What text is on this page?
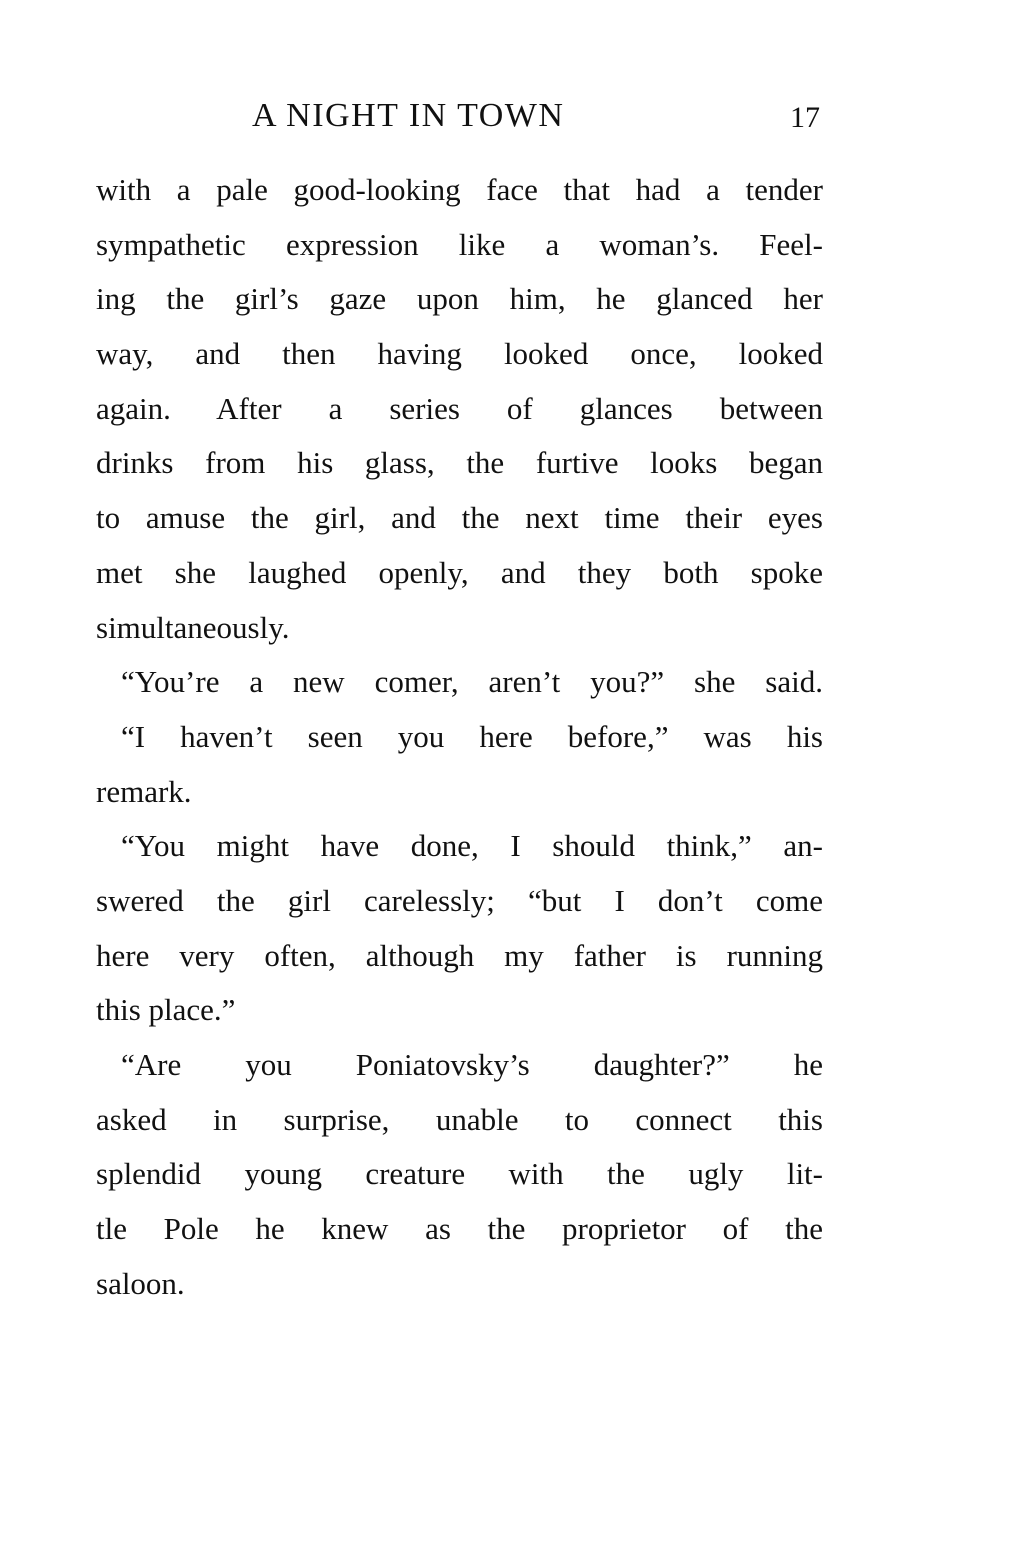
A NIGHT IN TOWN	17
with a pale good-looking face that had a tender
sympathetic expression like a woman’s. Feel-
ing the girl’s gaze upon him, he glanced her
way, and then having looked once, looked
again. After a series of glances between
drinks from his glass, the furtive looks began
to amuse the girl, and the next time their eyes
met she laughed openly, and they both spoke
simultaneously.
“You’re a new comer, aren’t you?” she said.
“I haven’t seen you here before,” was his
remark.
“You might have done, I should think,” an-
swered the girl carelessly; “but I don’t come
here very often, although my father is running
this place.”
“Are you Poniatovsky’s daughter?” he
asked in surprise, unable to connect this
splendid young creature with the ugly lit-
tle Pole he knew as the proprietor of the
saloon.
